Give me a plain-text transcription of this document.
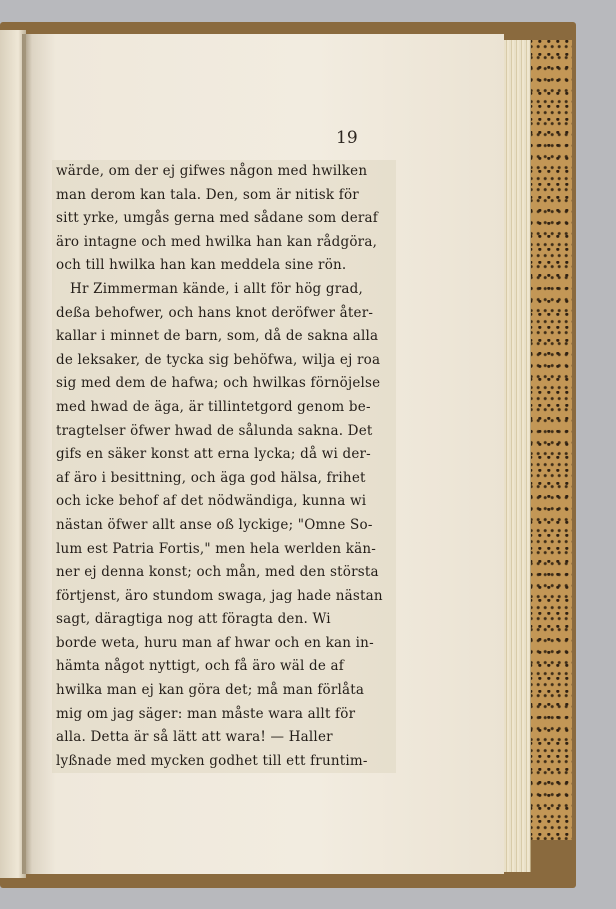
19
wärde, om der ej gifwes någon med hwilken
man derom kan tala. Den, som är nitisk för
sitt yrke, umgås gerna med sådane som deraf
äro intagne och med hwilka han kan rådgöra,
och till hwilka han kan meddela sine rön.
Hr Zimmerman kände, i allt för hög grad,
deßa behofwer, och hans knot deröfwer åter-
kallar i minnet de barn, som, då de sakna alla
de leksaker, de tycka sig behöfwa, wilja ej roa
sig med dem de hafwa; och hwilkas förnöjelse
med hwad de äga, är tillintetgord genom be-
tragtelser öfwer hwad de sålunda sakna. Det
gifs en säker konst att erna lycka; då wi der-
af äro i besittning, och äga god hälsa, frihet
och icke behof af det nödwändiga, kunna wi
nästan öfwer allt anse oß lyckige; "Omne So-
lum est Patria Fortis," men hela werlden kän-
ner ej denna konst; och mån, med den största
förtjenst, äro stundom swaga, jag hade nästan
sagt, däragtiga nog att föragta den. Wi
borde weta, huru man af hwar och en kan in-
hämta något nyttigt, och få äro wäl de af
hwilka man ej kan göra det; må man förlåta
mig om jag säger: man måste wara allt för
alla. Detta är så lätt att wara! — Haller
lyßnade med mycken godhet till ett fruntim-
